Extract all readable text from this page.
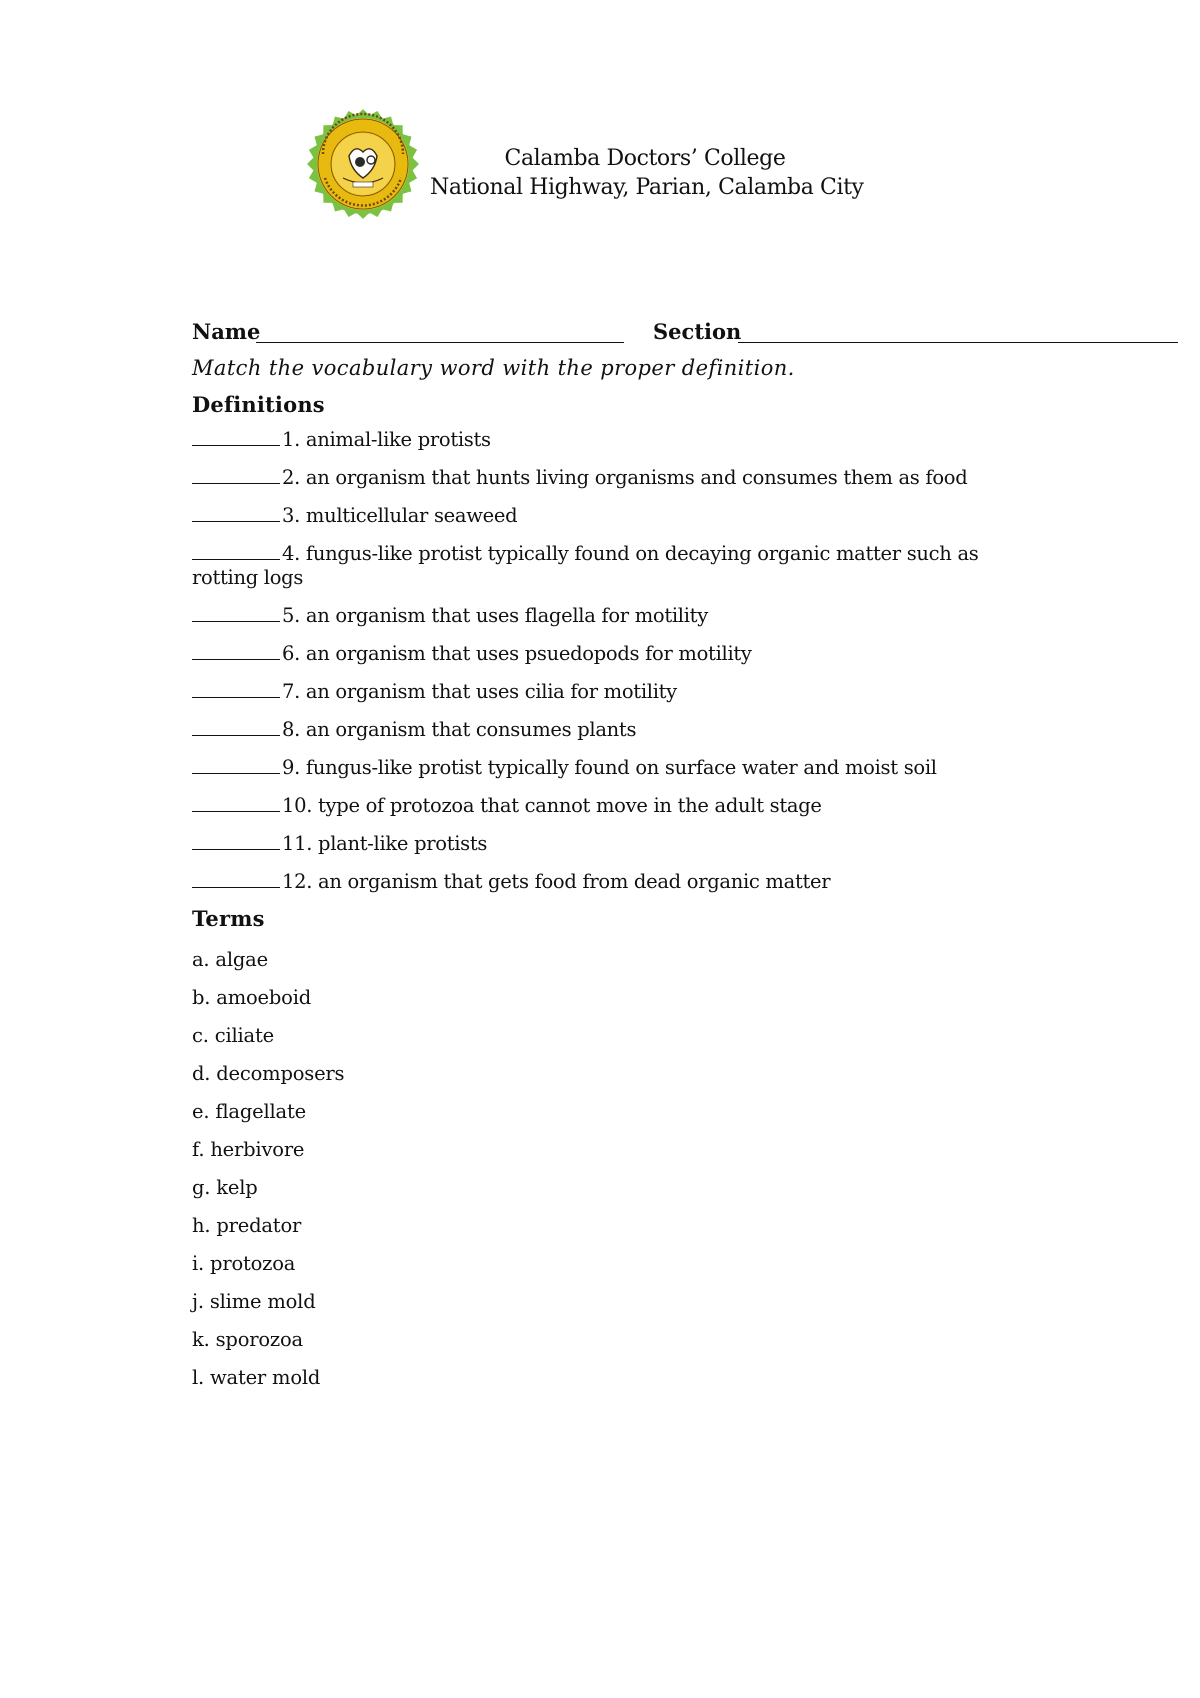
Calamba Doctors’ College
National Highway, Parian, Calamba City
Name	Section
Match the vocabulary word with the proper definition.
Definitions
1. animal-like protists
2. an organism that hunts living organisms and consumes them as food
3. multicellular seaweed
4. fungus-like protist typically found on decaying organic matter such as rotting logs
5. an organism that uses flagella for motility
6. an organism that uses psuedopods for motility
7. an organism that uses cilia for motility
8. an organism that consumes plants
9. fungus-like protist typically found on surface water and moist soil
10. type of protozoa that cannot move in the adult stage
11. plant-like protists
12. an organism that gets food from dead organic matter
Terms
a. algae
b. amoeboid
c. ciliate
d. decomposers
e. flagellate
f. herbivore
g. kelp
h. predator
i. protozoa
j. slime mold
k. sporozoa
l. water mold
